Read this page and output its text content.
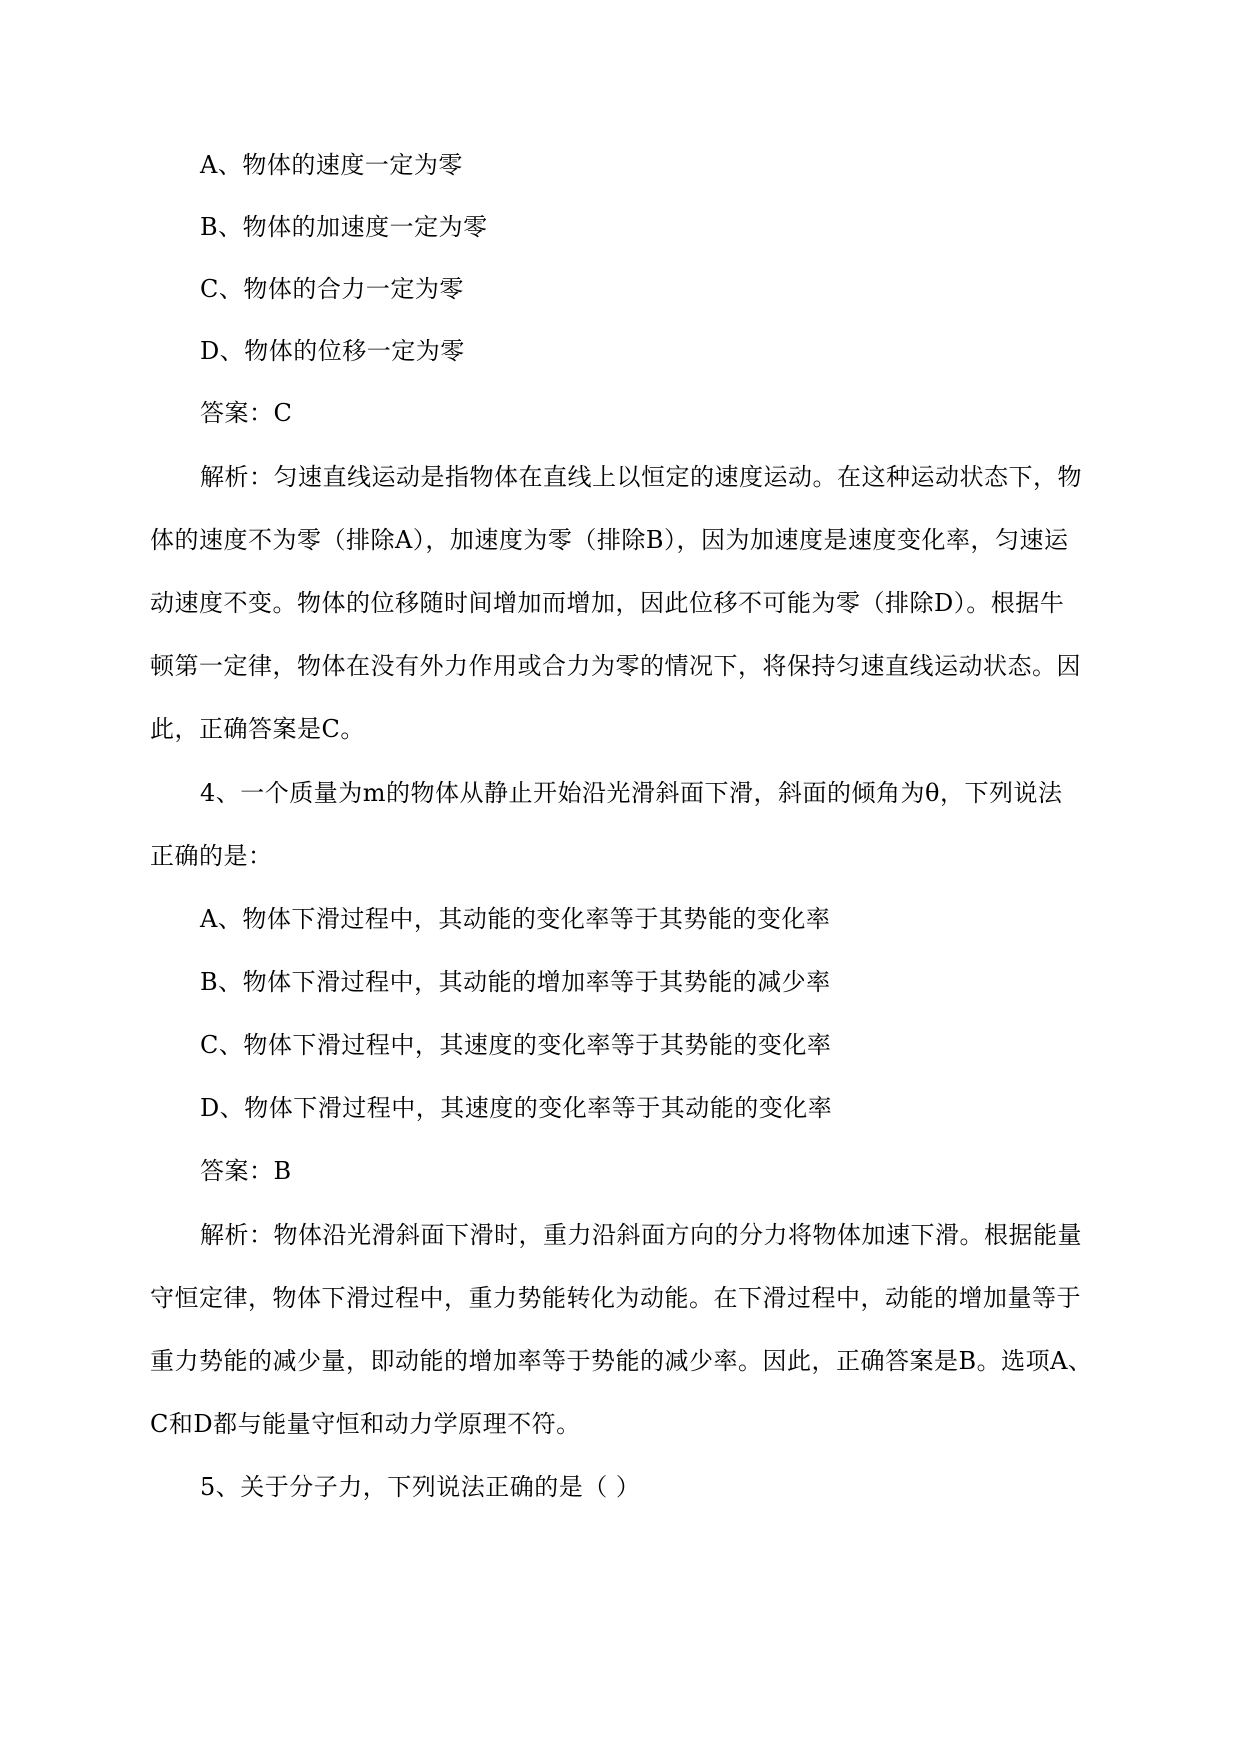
A、物体的速度一定为零

B、物体的加速度一定为零

C、物体的合力一定为零

D、物体的位移一定为零

答案：C

解析：匀速直线运动是指物体在直线上以恒定的速度运动。在这种运动状态下，物

体的速度不为零（排除A），加速度为零（排除B），因为加速度是速度变化率，匀速运

动速度不变。物体的位移随时间增加而增加，因此位移不可能为零（排除D）。根据牛

顿第一定律，物体在没有外力作用或合力为零的情况下，将保持匀速直线运动状态。因

此，正确答案是C。

4、一个质量为m的物体从静止开始沿光滑斜面下滑，斜面的倾角为θ，下列说法

正确的是：

A、物体下滑过程中，其动能的变化率等于其势能的变化率

B、物体下滑过程中，其动能的增加率等于其势能的减少率

C、物体下滑过程中，其速度的变化率等于其势能的变化率

D、物体下滑过程中，其速度的变化率等于其动能的变化率

答案：B

解析：物体沿光滑斜面下滑时，重力沿斜面方向的分力将物体加速下滑。根据能量

守恒定律，物体下滑过程中，重力势能转化为动能。在下滑过程中，动能的增加量等于

重力势能的减少量，即动能的增加率等于势能的减少率。因此，正确答案是B。选项A、

C和D都与能量守恒和动力学原理不符。

5、关于分子力，下列说法正确的是（ ）
